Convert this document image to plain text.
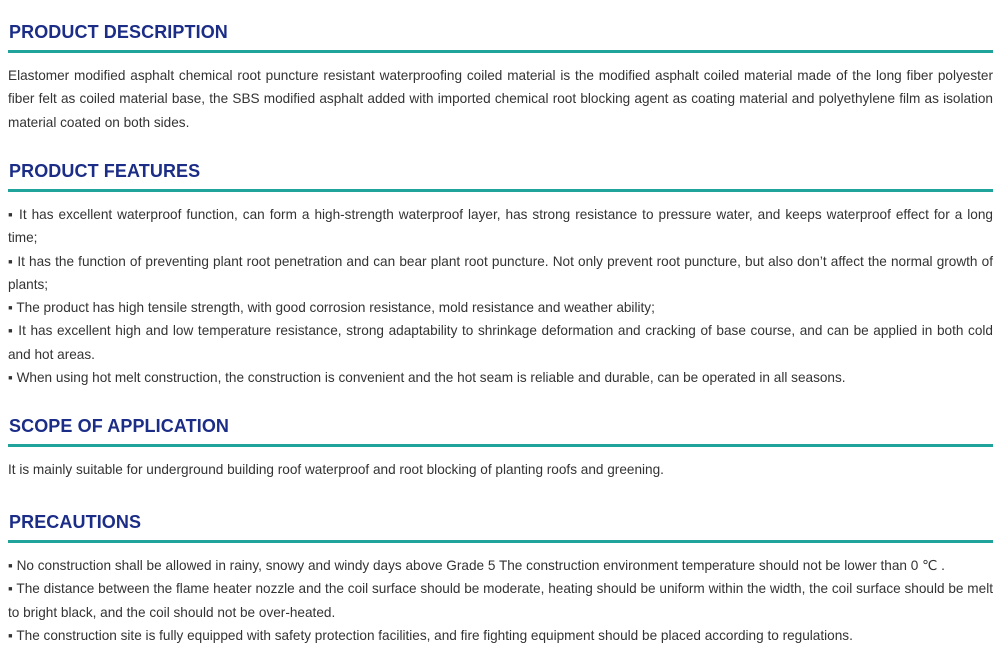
PRODUCT DESCRIPTION

Elastomer modified asphalt chemical root puncture resistant waterproofing coiled material is the modified asphalt coiled material made of the long fiber polyester fiber felt as coiled material base, the SBS modified asphalt added with imported chemical root blocking agent as coating material and polyethylene film as isolation material coated on both sides.

PRODUCT FEATURES

▪ It has excellent waterproof function, can form a high-strength waterproof layer, has strong resistance to pressure water, and keeps waterproof effect for a long time;

▪ It has the function of preventing plant root penetration and can bear plant root puncture. Not only prevent root puncture, but also don’t affect the normal growth of plants;

▪ The product has high tensile strength, with good corrosion resistance, mold resistance and weather ability;

▪ It has excellent high and low temperature resistance, strong adaptability to shrinkage deformation and cracking of base course, and can be applied in both cold and hot areas.

▪ When using hot melt construction, the construction is convenient and the hot seam is reliable and durable, can be operated in all seasons.

SCOPE OF APPLICATION

It is mainly suitable for underground building roof waterproof and root blocking of planting roofs and greening.

PRECAUTIONS

▪ No construction shall be allowed in rainy, snowy and windy days above Grade 5 The construction environment temperature should not be lower than 0 ℃ .

▪ The distance between the flame heater nozzle and the coil surface should be moderate, heating should be uniform within the width, the coil surface should be melt to bright black, and the coil should not be over-heated.

▪ The construction site is fully equipped with safety protection facilities, and fire fighting equipment should be placed according to regulations.
